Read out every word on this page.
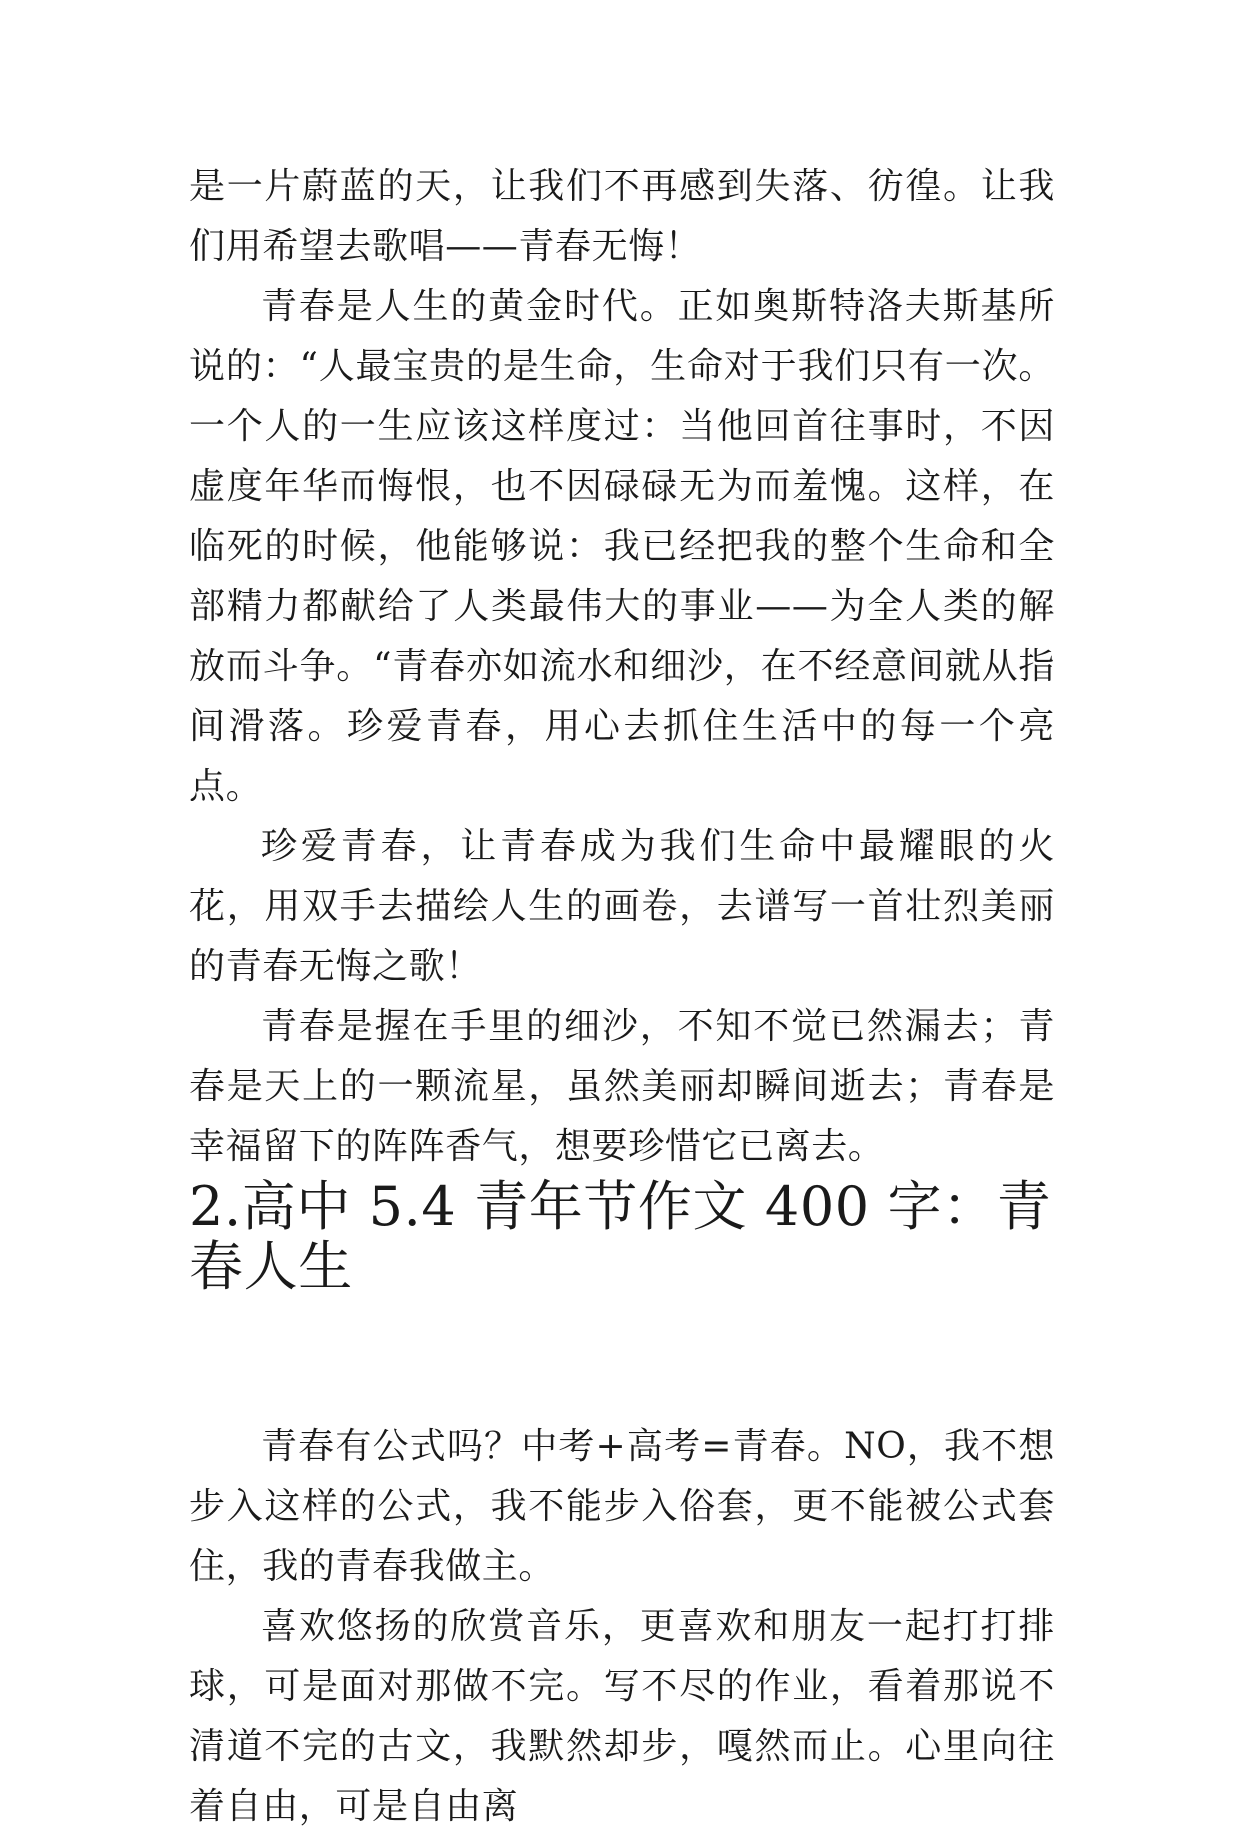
是一片蔚蓝的天，让我们不再感到失落、彷徨。让我们用希望去歌唱——青春无悔！

青春是人生的黄金时代。正如奥斯特洛夫斯基所说的：“人最宝贵的是生命，生命对于我们只有一次。一个人的一生应该这样度过：当他回首往事时，不因虚度年华而悔恨，也不因碌碌无为而羞愧。这样，在临死的时候，他能够说：我已经把我的整个生命和全部精力都献给了人类最伟大的事业——为全人类的解放而斗争。“青春亦如流水和细沙，在不经意间就从指间滑落。珍爱青春，用心去抓住生活中的每一个亮点。

珍爱青春，让青春成为我们生命中最耀眼的火花，用双手去描绘人生的画卷，去谱写一首壮烈美丽的青春无悔之歌！

青春是握在手里的细沙，不知不觉已然漏去；青春是天上的一颗流星，虽然美丽却瞬间逝去；青春是幸福留下的阵阵香气，想要珍惜它已离去。

2.高中 5.4 青年节作文 400 字：青春人生

青春有公式吗？中考+高考=青春。NO，我不想步入这样的公式，我不能步入俗套，更不能被公式套住，我的青春我做主。

喜欢悠扬的欣赏音乐，更喜欢和朋友一起打打排球，可是面对那做不完。写不尽的作业，看着那说不清道不完的古文，我默然却步，嘎然而止。心里向往着自由，可是自由离
